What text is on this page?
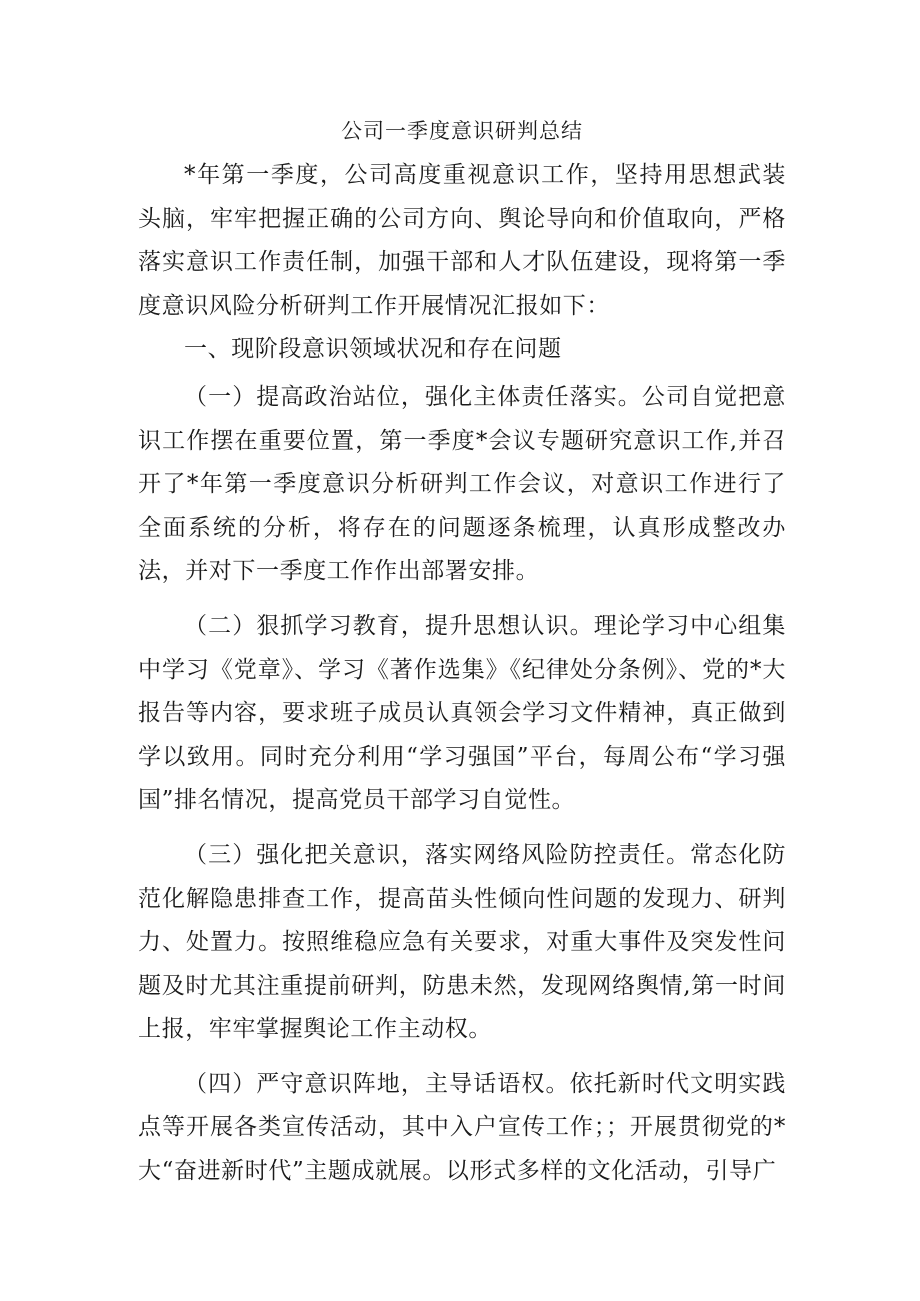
公司一季度意识研判总结

*年第一季度，公司高度重视意识工作，坚持用思想武装头脑，牢牢把握正确的公司方向、舆论导向和价值取向，严格落实意识工作责任制，加强干部和人才队伍建设，现将第一季度意识风险分析研判工作开展情况汇报如下：

一、现阶段意识领域状况和存在问题

（一）提高政治站位，强化主体责任落实。公司自觉把意识工作摆在重要位置，第一季度*会议专题研究意识工作,并召开了*年第一季度意识分析研判工作会议，对意识工作进行了全面系统的分析，将存在的问题逐条梳理，认真形成整改办法，并对下一季度工作作出部署安排。

（二）狠抓学习教育，提升思想认识。理论学习中心组集中学习《党章》、学习《著作选集》《纪律处分条例》、党的*大报告等内容，要求班子成员认真领会学习文件精神，真正做到学以致用。同时充分利用“学习强国”平台，每周公布“学习强国”排名情况，提高党员干部学习自觉性。

（三）强化把关意识，落实网络风险防控责任。常态化防范化解隐患排查工作，提高苗头性倾向性问题的发现力、研判力、处置力。按照维稳应急有关要求，对重大事件及突发性问题及时尤其注重提前研判，防患未然，发现网络舆情,第一时间上报，牢牢掌握舆论工作主动权。

（四）严守意识阵地，主导话语权。依托新时代文明实践点等开展各类宣传活动，其中入户宣传工作；；开展贯彻党的*大“奋进新时代”主题成就展。以形式多样的文化活动，引导广
